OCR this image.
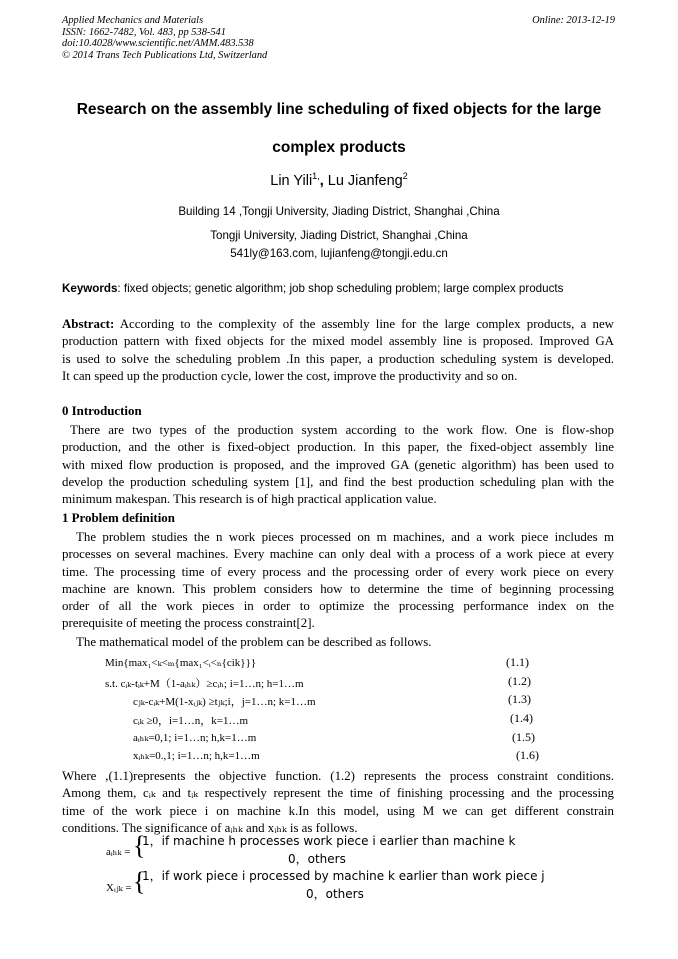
Applied Mechanics and Materials
ISSN: 1662-7482, Vol. 483, pp 538-541
doi:10.4028/www.scientific.net/AMM.483.538
© 2014 Trans Tech Publications Ltd, Switzerland
Online: 2013-12-19
Research on the assembly line scheduling of fixed objects for the large
complex products
Lin Yili$^{1,}$, Lu Jianfeng$^2$
Building 14 ,Tongji University, Jiading District, Shanghai ,China
Tongji University, Jiading District, Shanghai ,China
541ly@163.com, lujianfeng@tongji.edu.cn
Keywords: fixed objects; genetic algorithm; job shop scheduling problem; large complex products
Abstract: According to the complexity of the assembly line for the large complex products, a new
production pattern with fixed objects for the mixed model assembly line is proposed. Improved GA
is used to solve the scheduling problem .In this paper, a production scheduling system is developed.
It can speed up the production cycle, lower the cost, improve the productivity and so on.
0 Introduction
There are two types of the production system according to the work flow. One is flow-shop
production, and the other is fixed-object production. In this paper, the fixed-object assembly line
with mixed flow production is proposed, and the improved GA (genetic algorithm) has been used to
develop the production scheduling system [1], and find the best production scheduling plan with the
minimum makespan. This research is of high practical application value.
1 Problem definition
The problem studies the n work pieces processed on m machines, and a work piece includes m
processes on several machines. Every machine can only deal with a process of a work piece at every
time. The processing time of every process and the processing order of every work piece on every
machine are known. This problem considers how to determine the time of beginning processing
order of all the work pieces in order to optimize the processing performance index on the
prerequisite of meeting the process constraint[2].
The mathematical model of the problem can be described as follows.
Min{max₁<ₖ<ₘ{max₁<ᵢ<ₙ{cik}}}	(1.1)
s.t. cᵢₖ-tᵢₖ+M（1-aᵢₕₖ）≥cᵢₕ; i=1…n; h=1…m	(1.2)
cⱼₖ-cᵢₖ+M(1-xᵢⱼₖ) ≥tⱼₖ;i，j=1…n; k=1…m	(1.3)
cᵢₖ ≥0，i=1…n，k=1…m	(1.4)
aᵢₕₖ=0,1; i=1…n; h,k=1…m	(1.5)
xᵢₕₖ=0.,1; i=1…n; h,k=1…m	(1.6)
Where ,(1.1)represents the objective function. (1.2) represents the process constraint conditions.
Among them, cᵢₖ and tᵢₖ respectively represent the time of finishing processing and the processing
time of the work piece i on machine k.In this model, using M we can get different constrain
conditions. The significance of aᵢₕₖ and xᵢₕₖ is as follows.
aᵢₕₖ = {
1，if machine h processes work piece i earlier than machine k
0，others
Xᵢⱼₖ = {
1，if work piece i processed by machine k earlier than work piece j
0，others
